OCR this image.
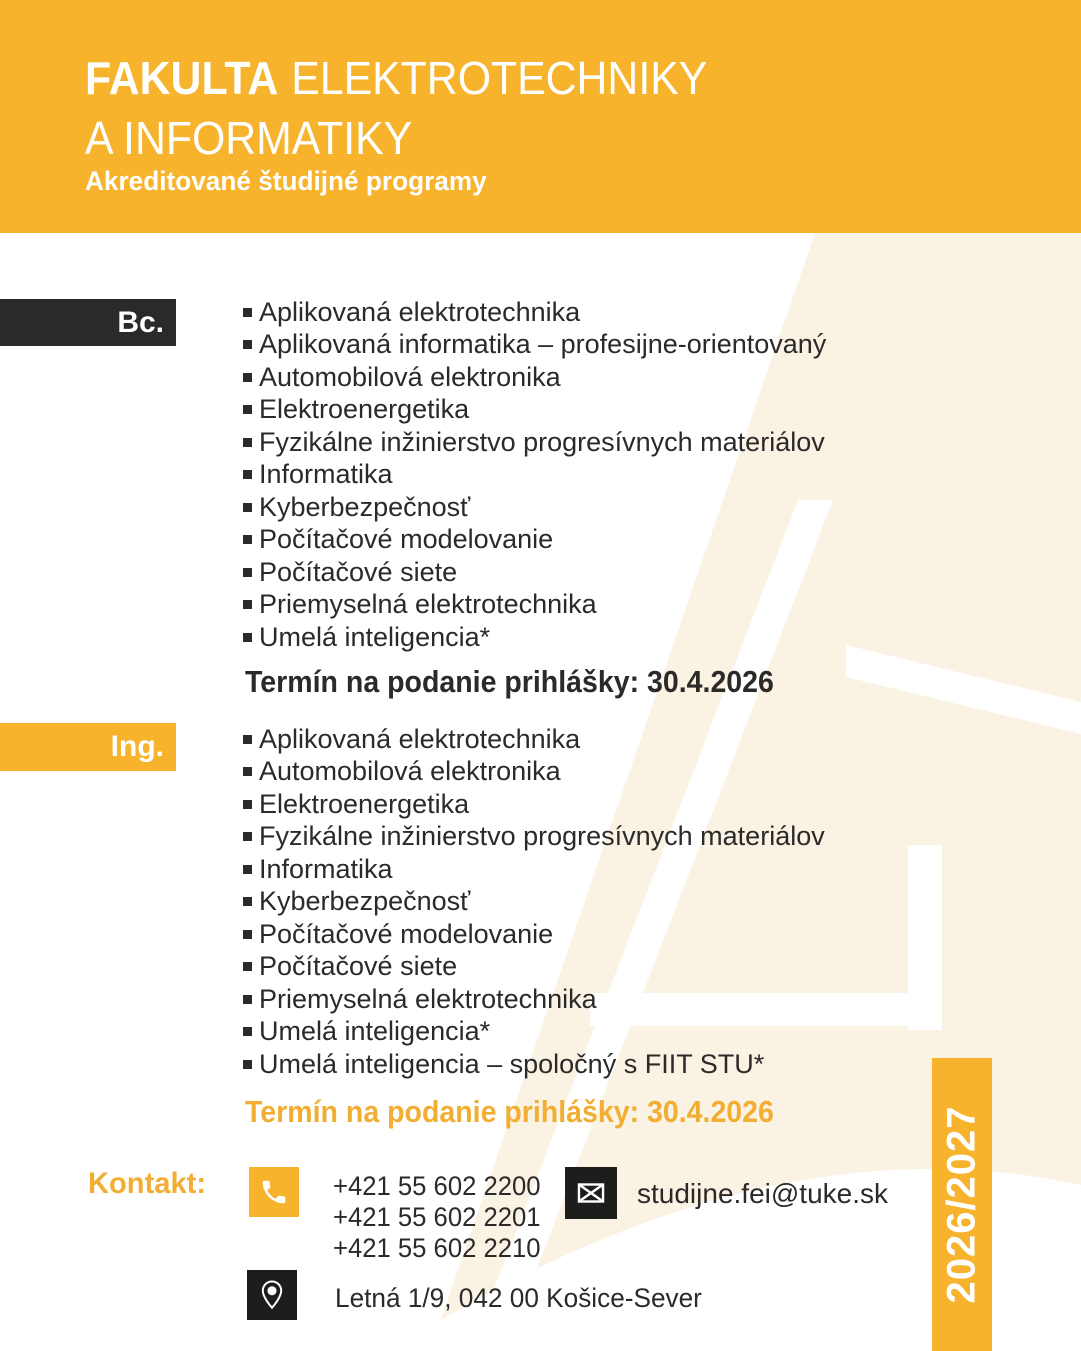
FAKULTA ELEKTROTECHNIKY
A INFORMATIKY
Akreditované študijné programy
Bc.	Aplikovaná elektrotechnika
Aplikovaná informatika – profesijne-orientovaný
Automobilová elektronika
Elektroenergetika
Fyzikálne inžinierstvo progresívnych materiálov
Informatika
Kyberbezpečnosť
Počítačové modelovanie
Počítačové siete
Priemyselná elektrotechnika
Umelá inteligencia*
Termín na podanie prihlášky: 30.4.2026
Ing.	Aplikovaná elektrotechnika
Automobilová elektronika
Elektroenergetika
Fyzikálne inžinierstvo progresívnych materiálov
Informatika
Kyberbezpečnosť
Počítačové modelovanie
Počítačové siete
Priemyselná elektrotechnika
Umelá inteligencia*
Umelá inteligencia – spoločný s FIIT STU*
Termín na podanie prihlášky: 30.4.2026
Kontakt:	+421 55 602 2200
+421 55 602 2201
+421 55 602 2210
studijne.fei@tuke.sk
Letná 1/9, 042 00 Košice-Sever	2026/2027
